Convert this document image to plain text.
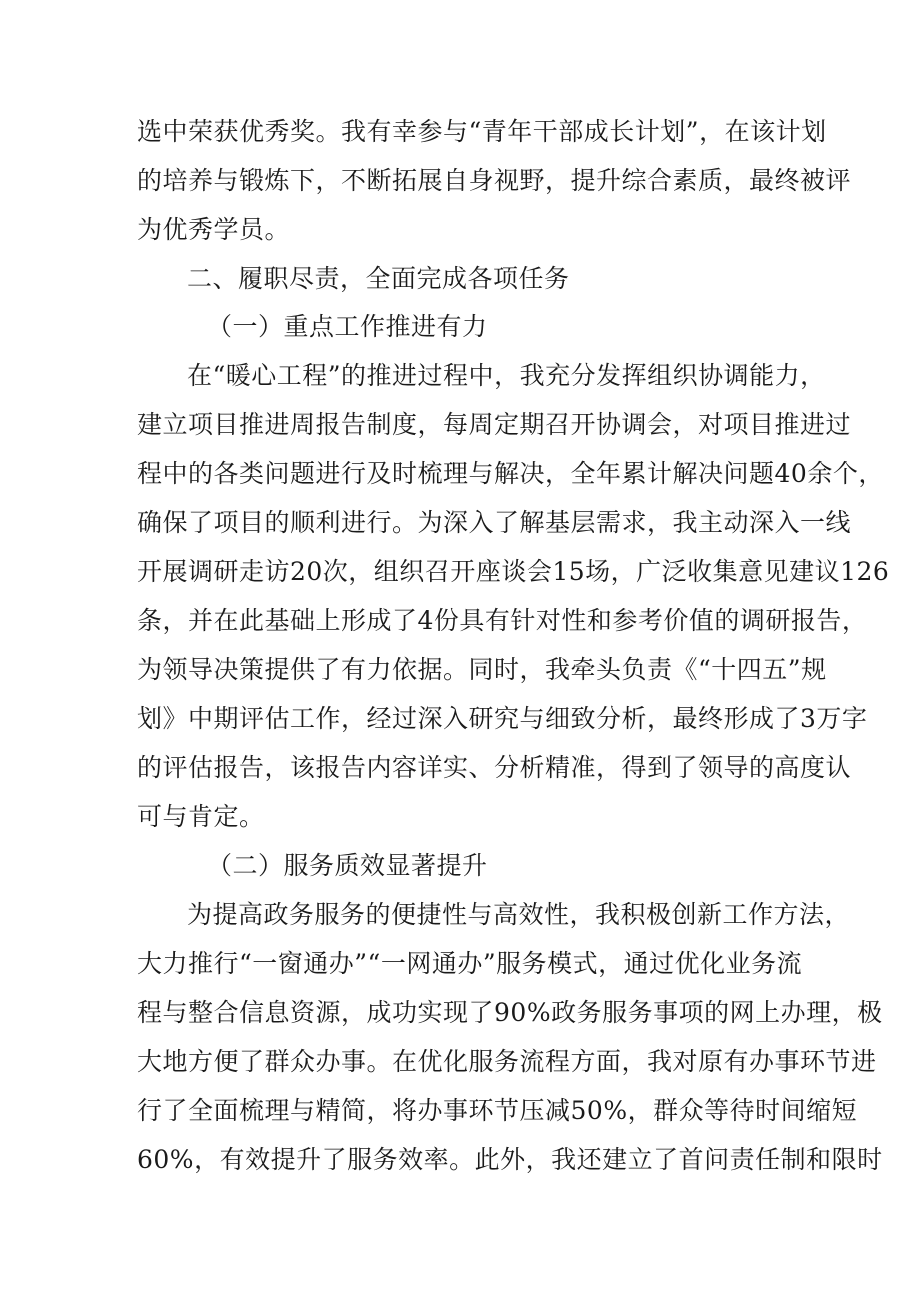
选中荣获优秀奖。我有幸参与“青年干部成长计划”，在该计划
的培养与锻炼下，不断拓展自身视野，提升综合素质，最终被评
为优秀学员。
二、履职尽责，全面完成各项任务
（一）重点工作推进有力
在“暖心工程”的推进过程中，我充分发挥组织协调能力，
建立项目推进周报告制度，每周定期召开协调会，对项目推进过
程中的各类问题进行及时梳理与解决，全年累计解决问题40余个，
确保了项目的顺利进行。为深入了解基层需求，我主动深入一线
开展调研走访20次，组织召开座谈会15场，广泛收集意见建议126
条，并在此基础上形成了4份具有针对性和参考价值的调研报告，
为领导决策提供了有力依据。同时，我牵头负责《“十四五”规
划》中期评估工作，经过深入研究与细致分析，最终形成了3万字
的评估报告，该报告内容详实、分析精准，得到了领导的高度认
可与肯定。
（二）服务质效显著提升
为提高政务服务的便捷性与高效性，我积极创新工作方法，
大力推行“一窗通办”“一网通办”服务模式，通过优化业务流
程与整合信息资源，成功实现了90%政务服务事项的网上办理，极
大地方便了群众办事。在优化服务流程方面，我对原有办事环节进
行了全面梳理与精简，将办事环节压减50%，群众等待时间缩短
60%，有效提升了服务效率。此外，我还建立了首问责任制和限时
